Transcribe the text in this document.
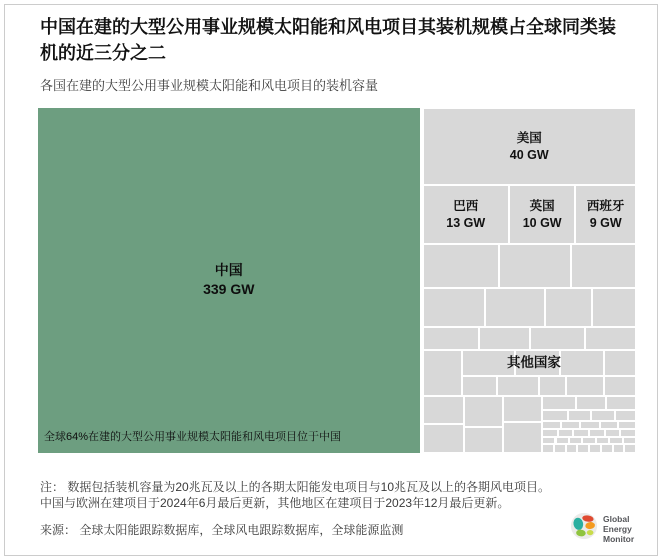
中国在建的大型公用事业规模太阳能和风电项目其装机规模占全球同类装机的近三分之二

各国在建的大型公用事业规模太阳能和风电项目的装机容量

中国
339 GW
全球64%在建的大型公用事业规模太阳能和风电项目位于中国
美国
40 GW
巴西
13 GW
英国
10 GW
西班牙
9 GW
其他国家
注： 数据包括装机容量为20兆瓦及以上的各期太阳能发电项目与10兆瓦及以上的各期风电项目。
中国与欧洲在建项目于2024年6月最后更新，其他地区在建项目于2023年12月最后更新。
来源： 全球太阳能跟踪数据库，全球风电跟踪数据库，全球能源监测
Global
Energy
Monitor
